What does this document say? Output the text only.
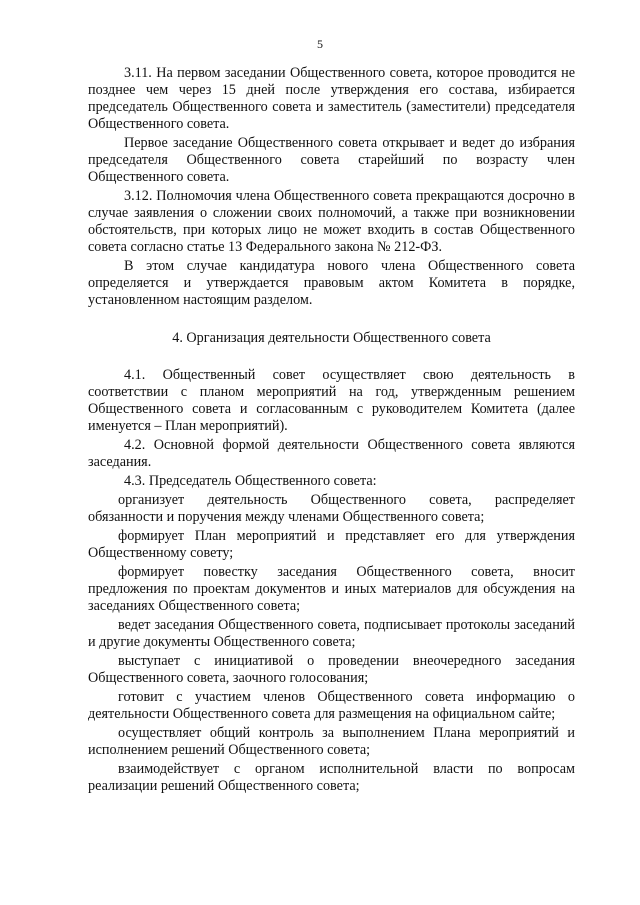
5

3.11. На первом заседании Общественного совета, которое проводится не позднее чем через 15 дней после утверждения его состава, избирается председатель Общественного совета и заместитель (заместители) председателя Общественного совета.

Первое заседание Общественного совета открывает и ведет до избрания председателя Общественного совета старейший по возрасту член Общественного совета.

3.12. Полномочия члена Общественного совета прекращаются досрочно в случае заявления о сложении своих полномочий, а также при возникновении обстоятельств, при которых лицо не может входить в состав Общественного совета согласно статье 13 Федерального закона № 212-ФЗ.

В этом случае кандидатура нового члена Общественного совета определяется и утверждается правовым актом Комитета в порядке, установленном настоящим разделом.

4. Организация деятельности Общественного совета

4.1. Общественный совет осуществляет свою деятельность в соответствии с планом мероприятий на год, утвержденным решением Общественного совета и согласованным с руководителем Комитета (далее именуется – План мероприятий).

4.2. Основной формой деятельности Общественного совета являются заседания.

4.3. Председатель Общественного совета:

организует деятельность Общественного совета, распределяет обязанности и поручения между членами Общественного совета;

формирует План мероприятий и представляет его для утверждения Общественному совету;

формирует повестку заседания Общественного совета, вносит предложения по проектам документов и иных материалов для обсуждения на заседаниях Общественного совета;

ведет заседания Общественного совета, подписывает протоколы заседаний и другие документы Общественного совета;

выступает с инициативой о проведении внеочередного заседания Общественного совета, заочного голосования;

готовит с участием членов Общественного совета информацию о деятельности Общественного совета для размещения на официальном сайте;

осуществляет общий контроль за выполнением Плана мероприятий и исполнением решений Общественного совета;

взаимодействует с органом исполнительной власти по вопросам реализации решений Общественного совета;
